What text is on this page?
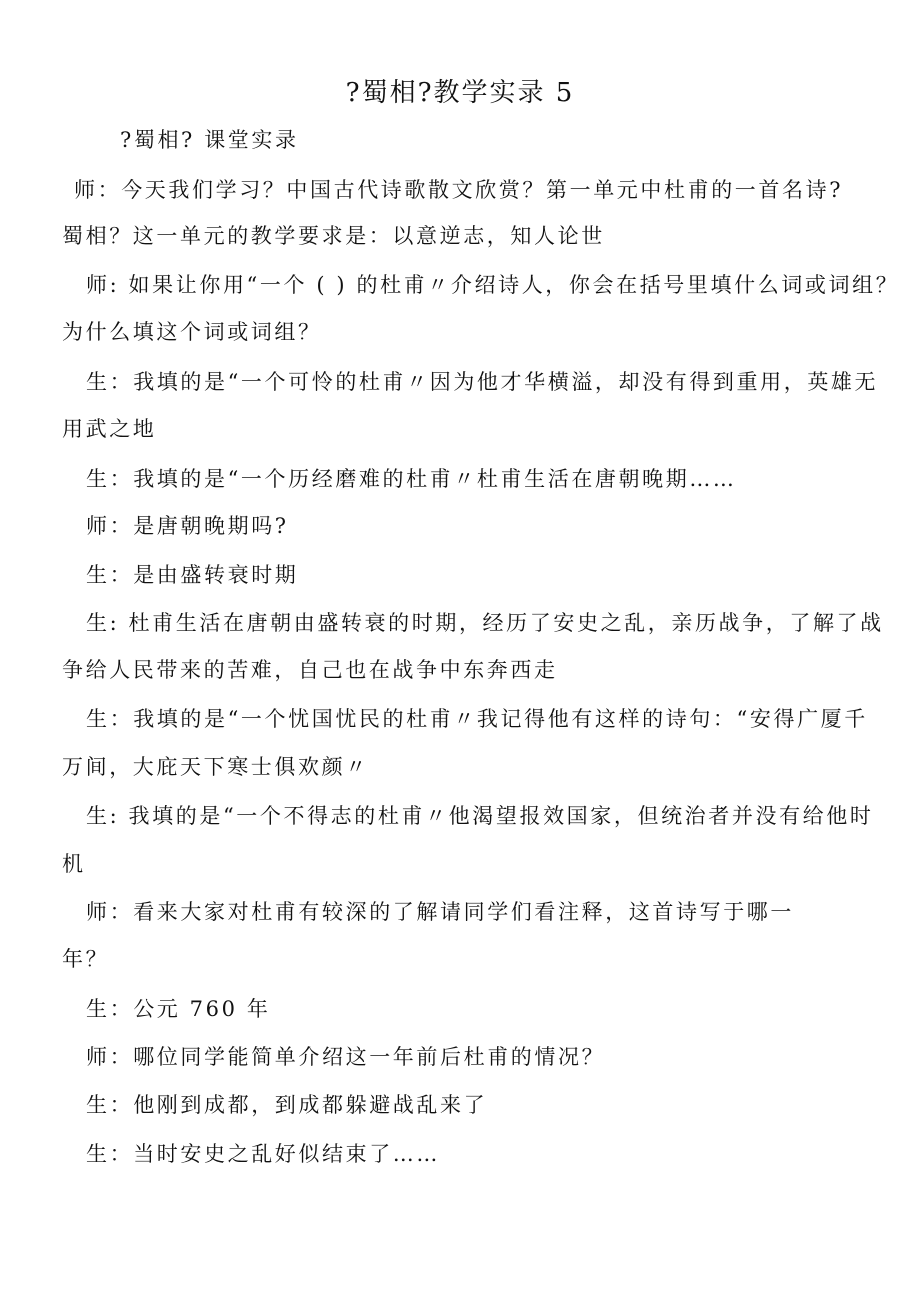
?蜀相?教学实录 5
?蜀相? 课堂实录
师：今天我们学习？中国古代诗歌散文欣赏？第一单元中杜甫的一首名诗?
蜀相？这一单元的教学要求是：以意逆志，知人论世
师: 如果让你用“一个 ( ) 的杜甫〃介绍诗人，你会在括号里填什么词或词组？
为什么填这个词或词组？
生：我填的是“一个可怜的杜甫〃因为他才华横溢，却没有得到重用，英雄无
用武之地
生：我填的是“一个历经磨难的杜甫〃杜甫生活在唐朝晚期……
师：是唐朝晚期吗?
生：是由盛转衰时期
生: 杜甫生活在唐朝由盛转衰的时期，经历了安史之乱，亲历战争，了解了战
争给人民带来的苦难，自己也在战争中东奔西走
生：我填的是“一个忧国忧民的杜甫〃我记得他有这样的诗句：“安得广厦千
万间，大庇天下寒士俱欢颜〃
生: 我填的是“一个不得志的杜甫〃他渴望报效国家，但统治者并没有给他时
机
师：看来大家对杜甫有较深的了解请同学们看注释，这首诗写于哪一
年？
生：公元 760 年
师：哪位同学能简单介绍这一年前后杜甫的情况？
生：他刚到成都，到成都躲避战乱来了
生：当时安史之乱好似结束了……
